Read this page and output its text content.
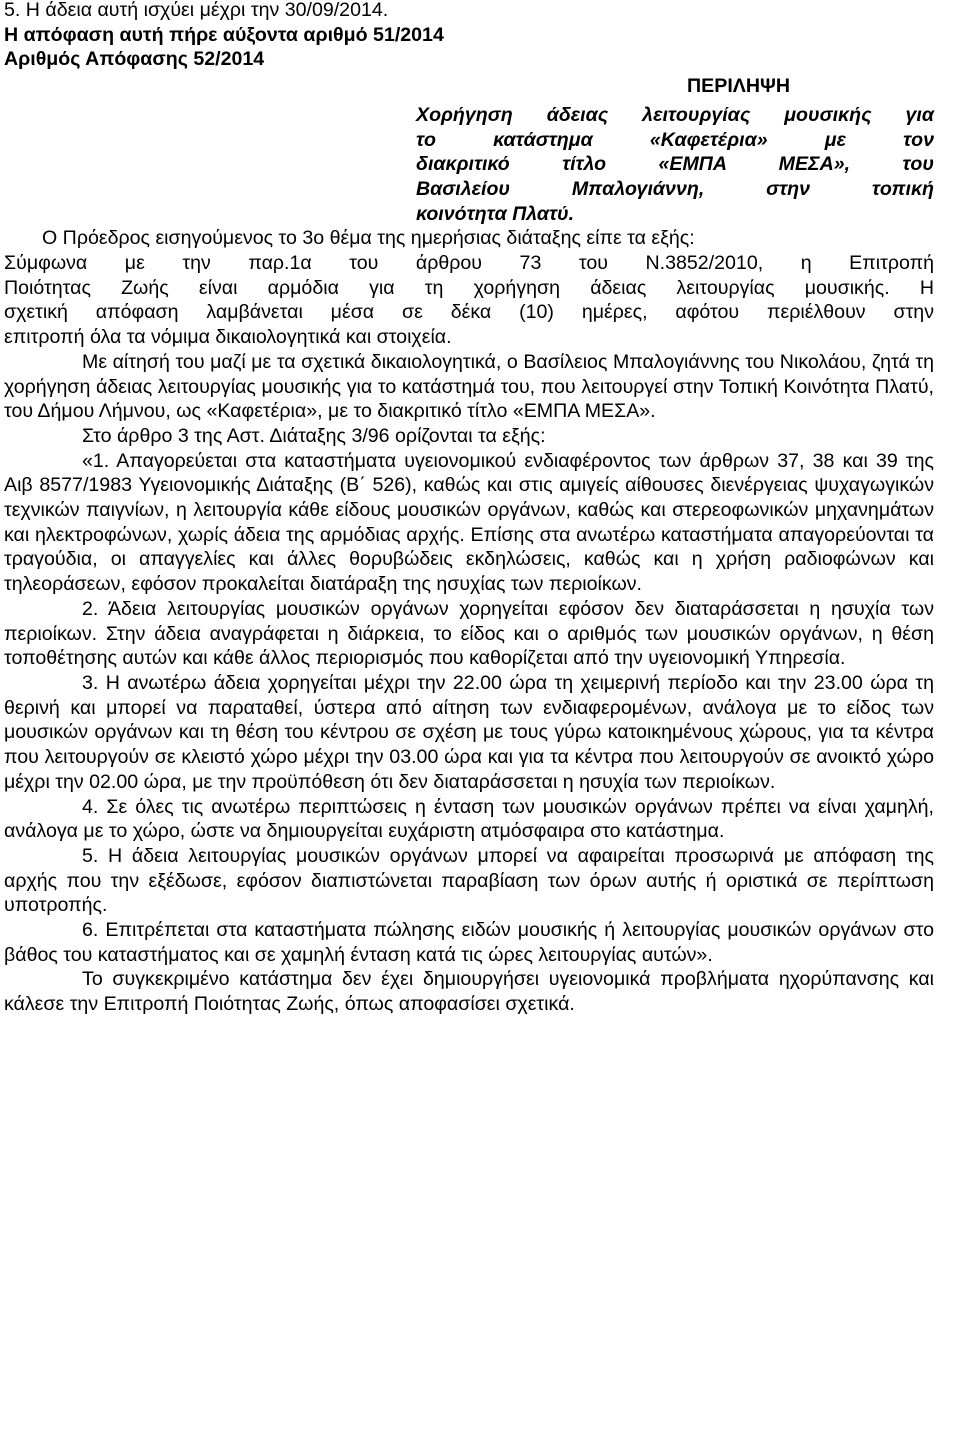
5. Η άδεια αυτή ισχύει μέχρι την 30/09/2014.

Η απόφαση αυτή πήρε αύξοντα αριθμό 51/2014

Αριθμός Απόφασης 52/2014

ΠΕΡΙΛΗΨΗ

Χορήγηση άδειας λειτουργίας μουσικής για

το κατάστημα «Καφετέρια» με τον

διακριτικό τίτλο «ΕΜΠΑ ΜΕΣΑ», του

Βασιλείου Μπαλογιάννη, στην τοπική

κοινότητα Πλατύ.

Ο Πρόεδρος εισηγούμενος το 3ο θέμα της ημερήσιας διάταξης είπε τα εξής:

Σύμφωνα με την παρ.1α του άρθρου 73 του Ν.3852/2010, η Επιτροπή

Ποιότητας Ζωής είναι αρμόδια για τη χορήγηση άδειας λειτουργίας μουσικής. Η

σχετική απόφαση λαμβάνεται μέσα σε δέκα (10) ημέρες, αφότου περιέλθουν στην

επιτροπή όλα τα νόμιμα δικαιολογητικά και στοιχεία.

Με αίτησή του μαζί με τα σχετικά δικαιολογητικά, ο Βασίλειος Μπαλογιάννης του Νικολάου, ζητά τη χορήγηση άδειας λειτουργίας μουσικής για το κατάστημά του, που λειτουργεί στην Τοπική Κοινότητα Πλατύ, του Δήμου Λήμνου, ως «Καφετέρια», με το διακριτικό τίτλο «ΕΜΠΑ ΜΕΣΑ».

Στο άρθρο 3 της Αστ. Διάταξης 3/96 ορίζονται τα εξής:

«1. Απαγορεύεται στα καταστήματα υγειονομικού ενδιαφέροντος των άρθρων 37, 38 και 39 της Αιβ 8577/1983 Υγειονομικής Διάταξης (Β΄ 526), καθώς και στις αμιγείς αίθουσες διενέργειας ψυχαγωγικών τεχνικών παιγνίων, η λειτουργία κάθε είδους μουσικών οργάνων, καθώς και στερεοφωνικών μηχανημάτων και ηλεκτροφώνων, χωρίς άδεια της αρμόδιας αρχής. Επίσης στα ανωτέρω καταστήματα απαγορεύονται τα τραγούδια, οι απαγγελίες και άλλες θορυβώδεις εκδηλώσεις, καθώς και η χρήση ραδιοφώνων και τηλεοράσεων, εφόσον προκαλείται διατάραξη της ησυχίας των περιοίκων.

2. Άδεια λειτουργίας μουσικών οργάνων χορηγείται εφόσον δεν διαταράσσεται η ησυχία των περιοίκων. Στην άδεια αναγράφεται η διάρκεια, το είδος και ο αριθμός των μουσικών οργάνων, η θέση τοποθέτησης αυτών και κάθε άλλος περιορισμός που καθορίζεται από την υγειονομική Υπηρεσία.

3. Η ανωτέρω άδεια χορηγείται μέχρι την 22.00 ώρα τη χειμερινή περίοδο και την 23.00 ώρα τη θερινή και μπορεί να παραταθεί, ύστερα από αίτηση των ενδιαφερομένων, ανάλογα με το είδος των μουσικών οργάνων και τη θέση του κέντρου σε σχέση με τους γύρω κατοικημένους χώρους, για τα κέντρα που λειτουργούν σε κλειστό χώρο μέχρι την 03.00 ώρα και για τα κέντρα που λειτουργούν σε ανοικτό χώρο μέχρι την 02.00 ώρα, με την προϋπόθεση ότι δεν διαταράσσεται η ησυχία των περιοίκων.

4. Σε όλες τις ανωτέρω περιπτώσεις η ένταση των μουσικών οργάνων πρέπει να είναι χαμηλή, ανάλογα με το χώρο, ώστε να δημιουργείται ευχάριστη ατμόσφαιρα στο κατάστημα.

5. Η άδεια λειτουργίας μουσικών οργάνων μπορεί να αφαιρείται προσωρινά με απόφαση της αρχής που την εξέδωσε, εφόσον διαπιστώνεται παραβίαση των όρων αυτής ή οριστικά σε περίπτωση υποτροπής.

6. Επιτρέπεται στα καταστήματα πώλησης ειδών μουσικής ή λειτουργίας μουσικών οργάνων στο βάθος του καταστήματος και σε χαμηλή ένταση κατά τις ώρες λειτουργίας αυτών».

Το συγκεκριμένο κατάστημα δεν έχει δημιουργήσει υγειονομικά προβλήματα ηχορύπανσης και κάλεσε την Επιτροπή Ποιότητας Ζωής, όπως αποφασίσει σχετικά.
